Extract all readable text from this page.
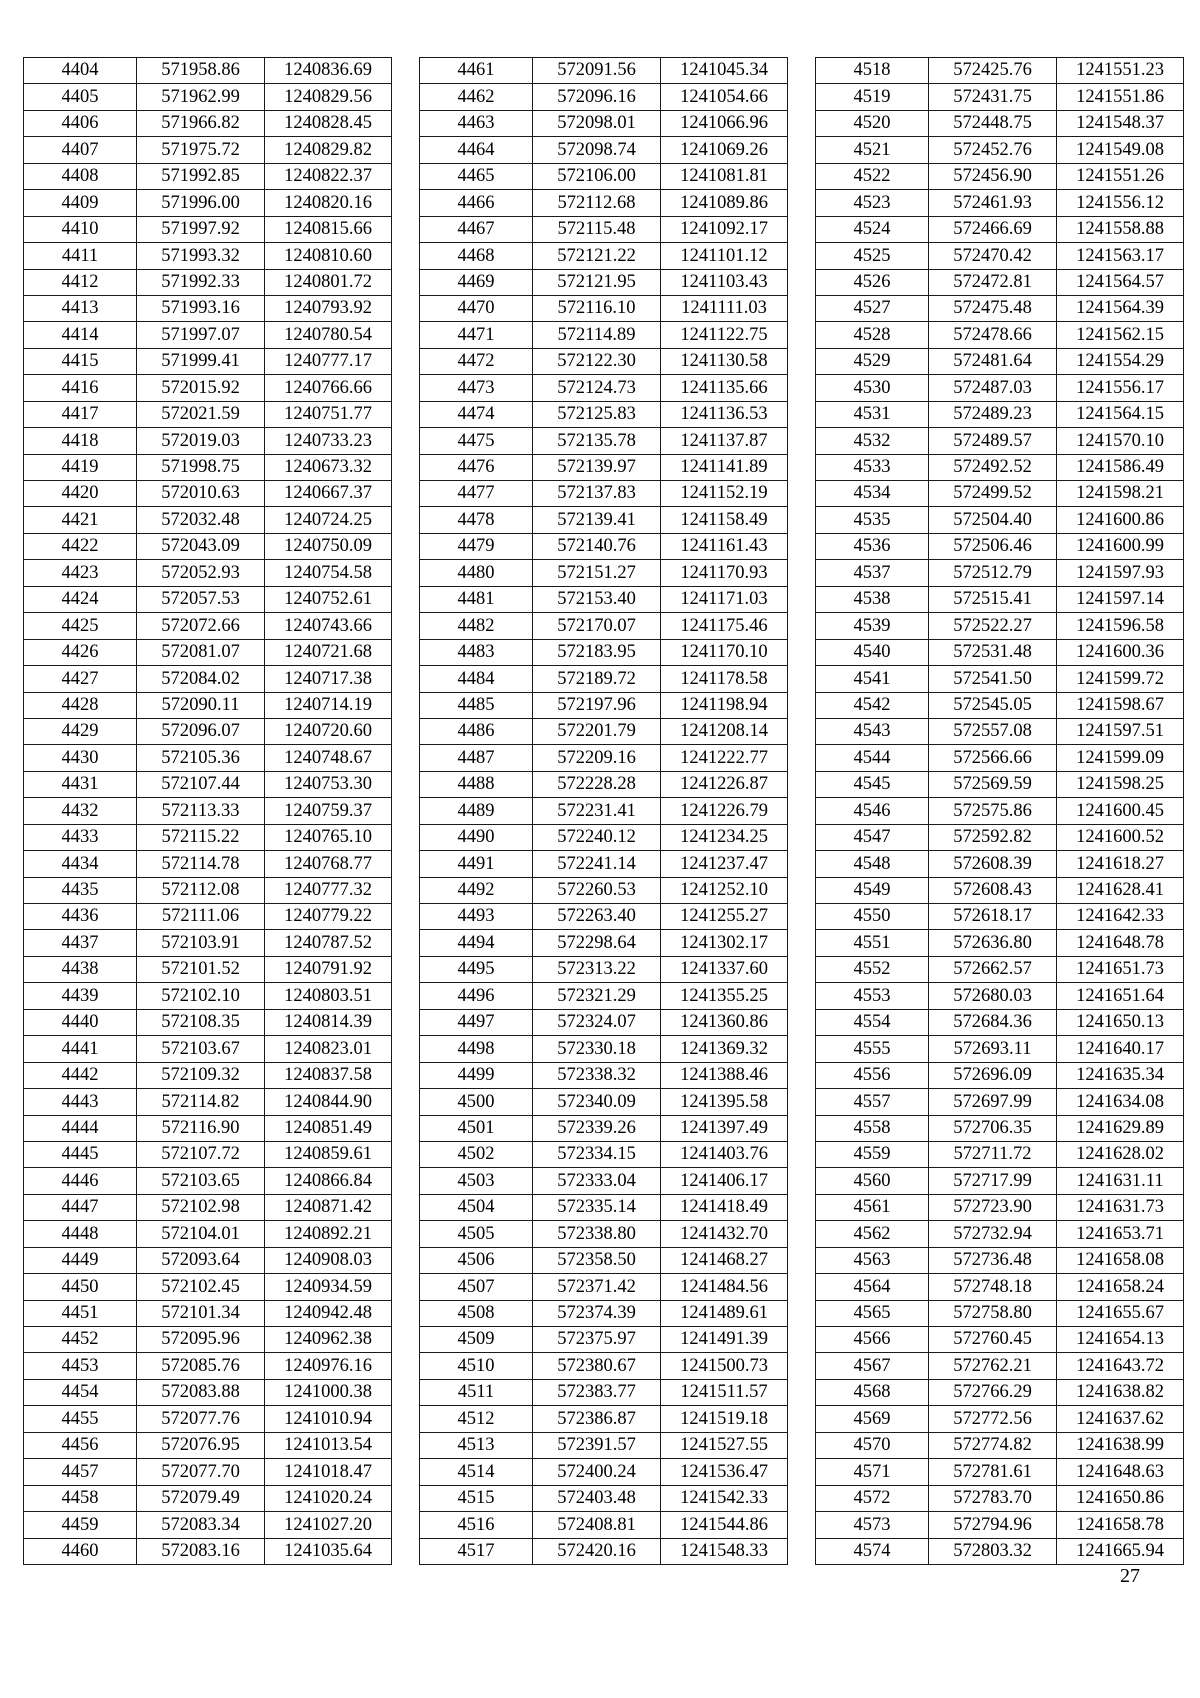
4404	571958.86	1240836.69
4405	571962.99	1240829.56
4406	571966.82	1240828.45
4407	571975.72	1240829.82
4408	571992.85	1240822.37
4409	571996.00	1240820.16
4410	571997.92	1240815.66
4411	571993.32	1240810.60
4412	571992.33	1240801.72
4413	571993.16	1240793.92
4414	571997.07	1240780.54
4415	571999.41	1240777.17
4416	572015.92	1240766.66
4417	572021.59	1240751.77
4418	572019.03	1240733.23
4419	571998.75	1240673.32
4420	572010.63	1240667.37
4421	572032.48	1240724.25
4422	572043.09	1240750.09
4423	572052.93	1240754.58
4424	572057.53	1240752.61
4425	572072.66	1240743.66
4426	572081.07	1240721.68
4427	572084.02	1240717.38
4428	572090.11	1240714.19
4429	572096.07	1240720.60
4430	572105.36	1240748.67
4431	572107.44	1240753.30
4432	572113.33	1240759.37
4433	572115.22	1240765.10
4434	572114.78	1240768.77
4435	572112.08	1240777.32
4436	572111.06	1240779.22
4437	572103.91	1240787.52
4438	572101.52	1240791.92
4439	572102.10	1240803.51
4440	572108.35	1240814.39
4441	572103.67	1240823.01
4442	572109.32	1240837.58
4443	572114.82	1240844.90
4444	572116.90	1240851.49
4445	572107.72	1240859.61
4446	572103.65	1240866.84
4447	572102.98	1240871.42
4448	572104.01	1240892.21
4449	572093.64	1240908.03
4450	572102.45	1240934.59
4451	572101.34	1240942.48
4452	572095.96	1240962.38
4453	572085.76	1240976.16
4454	572083.88	1241000.38
4455	572077.76	1241010.94
4456	572076.95	1241013.54
4457	572077.70	1241018.47
4458	572079.49	1241020.24
4459	572083.34	1241027.20
4460	572083.16	1241035.64
4461	572091.56	1241045.34
4462	572096.16	1241054.66
4463	572098.01	1241066.96
4464	572098.74	1241069.26
4465	572106.00	1241081.81
4466	572112.68	1241089.86
4467	572115.48	1241092.17
4468	572121.22	1241101.12
4469	572121.95	1241103.43
4470	572116.10	1241111.03
4471	572114.89	1241122.75
4472	572122.30	1241130.58
4473	572124.73	1241135.66
4474	572125.83	1241136.53
4475	572135.78	1241137.87
4476	572139.97	1241141.89
4477	572137.83	1241152.19
4478	572139.41	1241158.49
4479	572140.76	1241161.43
4480	572151.27	1241170.93
4481	572153.40	1241171.03
4482	572170.07	1241175.46
4483	572183.95	1241170.10
4484	572189.72	1241178.58
4485	572197.96	1241198.94
4486	572201.79	1241208.14
4487	572209.16	1241222.77
4488	572228.28	1241226.87
4489	572231.41	1241226.79
4490	572240.12	1241234.25
4491	572241.14	1241237.47
4492	572260.53	1241252.10
4493	572263.40	1241255.27
4494	572298.64	1241302.17
4495	572313.22	1241337.60
4496	572321.29	1241355.25
4497	572324.07	1241360.86
4498	572330.18	1241369.32
4499	572338.32	1241388.46
4500	572340.09	1241395.58
4501	572339.26	1241397.49
4502	572334.15	1241403.76
4503	572333.04	1241406.17
4504	572335.14	1241418.49
4505	572338.80	1241432.70
4506	572358.50	1241468.27
4507	572371.42	1241484.56
4508	572374.39	1241489.61
4509	572375.97	1241491.39
4510	572380.67	1241500.73
4511	572383.77	1241511.57
4512	572386.87	1241519.18
4513	572391.57	1241527.55
4514	572400.24	1241536.47
4515	572403.48	1241542.33
4516	572408.81	1241544.86
4517	572420.16	1241548.33
4518	572425.76	1241551.23
4519	572431.75	1241551.86
4520	572448.75	1241548.37
4521	572452.76	1241549.08
4522	572456.90	1241551.26
4523	572461.93	1241556.12
4524	572466.69	1241558.88
4525	572470.42	1241563.17
4526	572472.81	1241564.57
4527	572475.48	1241564.39
4528	572478.66	1241562.15
4529	572481.64	1241554.29
4530	572487.03	1241556.17
4531	572489.23	1241564.15
4532	572489.57	1241570.10
4533	572492.52	1241586.49
4534	572499.52	1241598.21
4535	572504.40	1241600.86
4536	572506.46	1241600.99
4537	572512.79	1241597.93
4538	572515.41	1241597.14
4539	572522.27	1241596.58
4540	572531.48	1241600.36
4541	572541.50	1241599.72
4542	572545.05	1241598.67
4543	572557.08	1241597.51
4544	572566.66	1241599.09
4545	572569.59	1241598.25
4546	572575.86	1241600.45
4547	572592.82	1241600.52
4548	572608.39	1241618.27
4549	572608.43	1241628.41
4550	572618.17	1241642.33
4551	572636.80	1241648.78
4552	572662.57	1241651.73
4553	572680.03	1241651.64
4554	572684.36	1241650.13
4555	572693.11	1241640.17
4556	572696.09	1241635.34
4557	572697.99	1241634.08
4558	572706.35	1241629.89
4559	572711.72	1241628.02
4560	572717.99	1241631.11
4561	572723.90	1241631.73
4562	572732.94	1241653.71
4563	572736.48	1241658.08
4564	572748.18	1241658.24
4565	572758.80	1241655.67
4566	572760.45	1241654.13
4567	572762.21	1241643.72
4568	572766.29	1241638.82
4569	572772.56	1241637.62
4570	572774.82	1241638.99
4571	572781.61	1241648.63
4572	572783.70	1241650.86
4573	572794.96	1241658.78
4574	572803.32	1241665.94
27
